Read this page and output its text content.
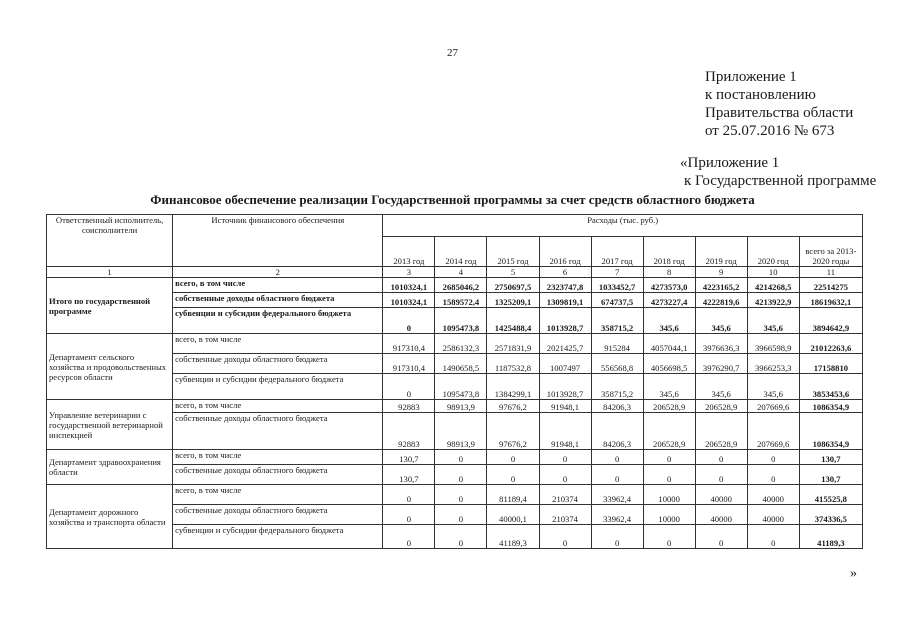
27
Приложение 1
к постановлению
Правительства области
от 25.07.2016 № 673
«Приложение 1
к Государственной программе
Финансовое обеспечение реализации Государственной программы за счет средств областного бюджета
Ответственный исполнитель, соисполнители	Источник финансового обеспечения	Расходы (тыс. руб.)								
		2013 год	2014 год	2015 год	2016 год	2017 год	2018 год	2019 год	2020 год	всего за 2013-2020 годы
1	2	3	4	5	6	7	8	9	10	11
Итого по государственной программе	всего, в том числе	1010324,1	2685046,2	2750697,5	2323747,8	1033452,7	4273573,0	4223165,2	4214268,5	22514275
	собственные доходы областного бюджета	1010324,1	1589572,4	1325209,1	1309819,1	674737,5	4273227,4	4222819,6	4213922,9	18619632,1
	субвенции и субсидии федерального бюджета	0	1095473,8	1425488,4	1013928,7	358715,2	345,6	345,6	345,6	3894642,9
Департамент сельского хозяйства и продовольственных ресурсов области	всего, в том числе	917310,4	2586132,3	2571831,9	2021425,7	915284	4057044,1	3976636,3	3966598,9	21012263,6
	собственные доходы областного бюджета	917310,4	1490658,5	1187532,8	1007497	556568,8	4056698,5	3976290,7	3966253,3	17158810
	субвенции и субсидии федерального бюджета	0	1095473,8	1384299,1	1013928,7	358715,2	345,6	345,6	345,6	3853453,6
Управление ветеринарии с государственной ветеринарной инспекцией	всего, в том числе	92883	98913,9	97676,2	91948,1	84206,3	206528,9	206528,9	207669,6	1086354,9
	собственные доходы областного бюджета	92883	98913,9	97676,2	91948,1	84206,3	206528,9	206528,9	207669,6	1086354,9
Департамент здравоохранения области	всего, в том числе	130,7	0	0	0	0	0	0	0	130,7
	собственные доходы областного бюджета	130,7	0	0	0	0	0	0	0	130,7
Департамент дорожного хозяйства и транспорта области	всего, в том числе	0	0	81189,4	210374	33962,4	10000	40000	40000	415525,8
	собственные доходы областного бюджета	0	0	40000,1	210374	33962,4	10000	40000	40000	374336,5
	субвенции и субсидии федерального бюджета	0	0	41189,3	0	0	0	0	0	41189,3
»
